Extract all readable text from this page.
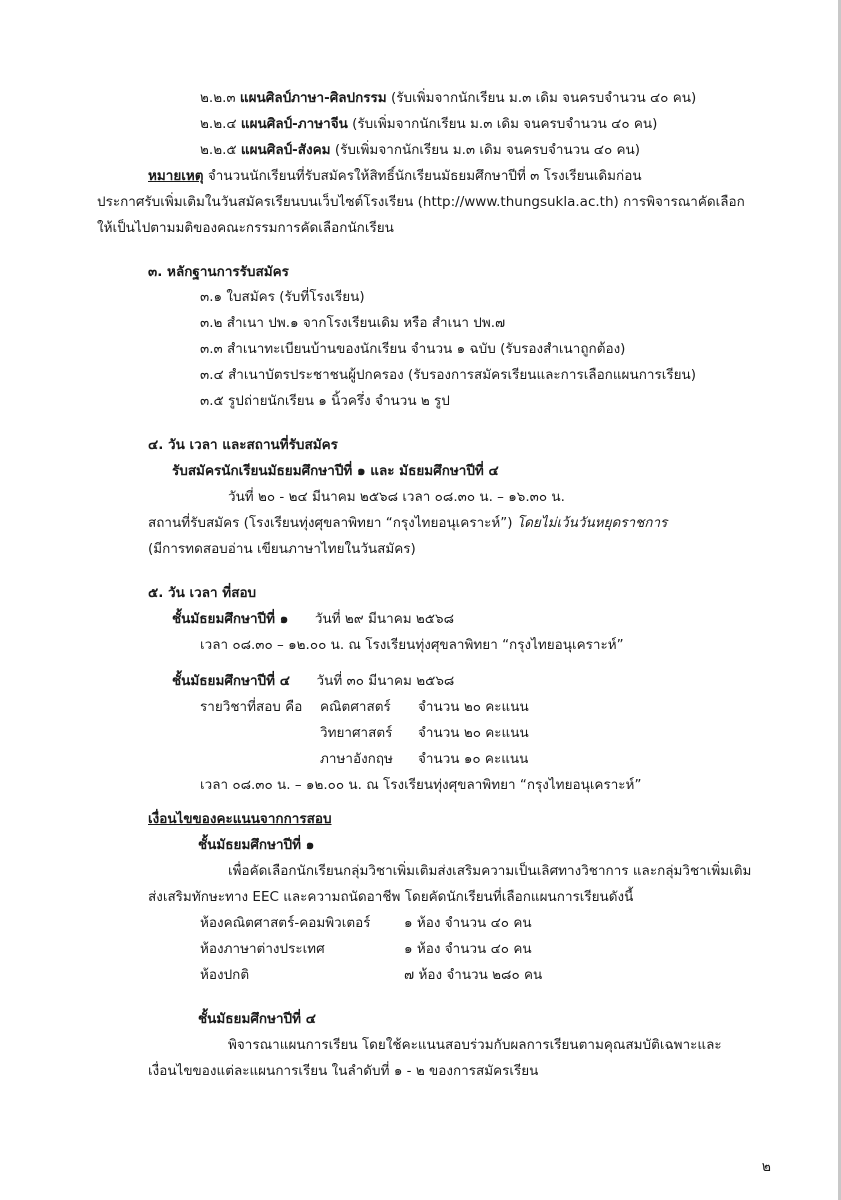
๒.๒.๓ แผนศิลป์ภาษา-ศิลปกรรม (รับเพิ่มจากนักเรียน ม.๓ เดิม จนครบจำนวน ๔๐ คน)
๒.๒.๔ แผนศิลป์-ภาษาจีน (รับเพิ่มจากนักเรียน ม.๓ เดิม จนครบจำนวน ๔๐ คน)
๒.๒.๕ แผนศิลป์-สังคม (รับเพิ่มจากนักเรียน ม.๓ เดิม จนครบจำนวน ๔๐ คน)
หมายเหตุ จำนวนนักเรียนที่รับสมัครให้สิทธิ์นักเรียนมัธยมศึกษาปีที่ ๓ โรงเรียนเดิมก่อน
ประกาศรับเพิ่มเติมในวันสมัครเรียนบนเว็บไซต์โรงเรียน (http://www.thungsukla.ac.th) การพิจารณาคัดเลือก
ให้เป็นไปตามมติของคณะกรรมการคัดเลือกนักเรียน
๓. หลักฐานการรับสมัคร
๓.๑ ใบสมัคร (รับที่โรงเรียน)
๓.๒ สำเนา ปพ.๑ จากโรงเรียนเดิม หรือ สำเนา ปพ.๗
๓.๓ สำเนาทะเบียนบ้านของนักเรียน จำนวน ๑ ฉบับ (รับรองสำเนาถูกต้อง)
๓.๔ สำเนาบัตรประชาชนผู้ปกครอง (รับรองการสมัครเรียนและการเลือกแผนการเรียน)
๓.๕ รูปถ่ายนักเรียน ๑ นิ้วครึ่ง จำนวน ๒ รูป
๔. วัน เวลา และสถานที่รับสมัคร
รับสมัครนักเรียนมัธยมศึกษาปีที่ ๑ และ มัธยมศึกษาปีที่ ๔
วันที่ ๒๐ - ๒๔ มีนาคม ๒๕๖๘ เวลา ๐๘.๓๐ น. – ๑๖.๓๐ น.
สถานที่รับสมัคร (โรงเรียนทุ่งศุขลาพิทยา “กรุงไทยอนุเคราะห์”) โดยไม่เว้นวันหยุดราชการ
(มีการทดสอบอ่าน เขียนภาษาไทยในวันสมัคร)
๕. วัน เวลา ที่สอบ
ชั้นมัธยมศึกษาปีที่ ๑ วันที่ ๒๙ มีนาคม ๒๕๖๘
เวลา ๐๘.๓๐ – ๑๒.๐๐ น. ณ โรงเรียนทุ่งศุขลาพิทยา “กรุงไทยอนุเคราะห์”
ชั้นมัธยมศึกษาปีที่ ๔ วันที่ ๓๐ มีนาคม ๒๕๖๘
รายวิชาที่สอบ คือ คณิตศาสตร์ จำนวน ๒๐ คะแนน
วิทยาศาสตร์ จำนวน ๒๐ คะแนน
ภาษาอังกฤษ จำนวน ๑๐ คะแนน
เวลา ๐๘.๓๐ น. – ๑๒.๐๐ น. ณ โรงเรียนทุ่งศุขลาพิทยา “กรุงไทยอนุเคราะห์”
เงื่อนไขของคะแนนจากการสอบ
ชั้นมัธยมศึกษาปีที่ ๑
เพื่อคัดเลือกนักเรียนกลุ่มวิชาเพิ่มเติมส่งเสริมความเป็นเลิศทางวิชาการ และกลุ่มวิชาเพิ่มเติม
ส่งเสริมทักษะทาง EEC และความถนัดอาชีพ โดยคัดนักเรียนที่เลือกแผนการเรียนดังนี้
ห้องคณิตศาสตร์-คอมพิวเตอร์ ๑ ห้อง จำนวน ๔๐ คน
ห้องภาษาต่างประเทศ	๑ ห้อง จำนวน ๔๐ คน
ห้องปกติ	๗ ห้อง จำนวน ๒๘๐ คน
ชั้นมัธยมศึกษาปีที่ ๔
พิจารณาแผนการเรียน โดยใช้คะแนนสอบร่วมกับผลการเรียนตามคุณสมบัติเฉพาะและ
เงื่อนไขของแต่ละแผนการเรียน ในลำดับที่ ๑ - ๒ ของการสมัครเรียน
๒
